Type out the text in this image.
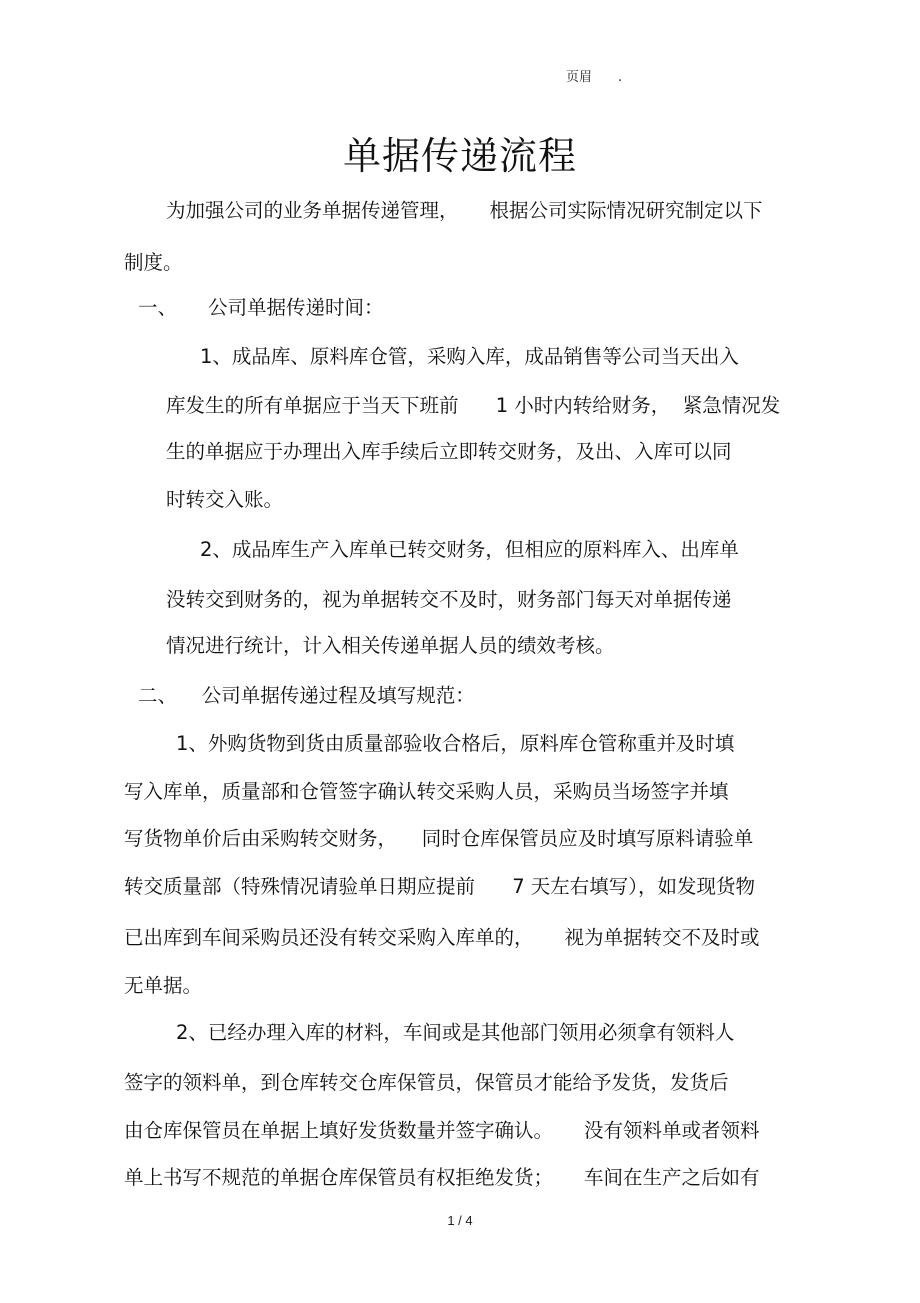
页眉 .
单据传递流程
为加强公司的业务单据传递管理，     根据公司实际情况研究制定以下
制度。
一、     公司单据传递时间：
1、成品库、原料库仓管，采购入库，成品销售等公司当天出入
库发生的所有单据应于当天下班前      1 小时内转给财务，  紧急情况发
生的单据应于办理出入库手续后立即转交财务，及出、入库可以同
时转交入账。
2、成品库生产入库单已转交财务，但相应的原料库入、出库单
没转交到财务的，视为单据转交不及时，财务部门每天对单据传递
情况进行统计，计入相关传递单据人员的绩效考核。
二、    公司单据传递过程及填写规范：
1、外购货物到货由质量部验收合格后，原料库仓管称重并及时填
写入库单，质量部和仓管签字确认转交采购人员，采购员当场签字并填
写货物单价后由采购转交财务，    同时仓库保管员应及时填写原料请验单
转交质量部（特殊情况请验单日期应提前      7 天左右填写），如发现货物
已出库到车间采购员还没有转交采购入库单的，     视为单据转交不及时或
无单据。
2、已经办理入库的材料，车间或是其他部门领用必须拿有领料人
签字的领料单，到仓库转交仓库保管员，保管员才能给予发货，发货后
由仓库保管员在单据上填好发货数量并签字确认。     没有领料单或者领料
单上书写不规范的单据仓库保管员有权拒绝发货；     车间在生产之后如有
1 / 4
